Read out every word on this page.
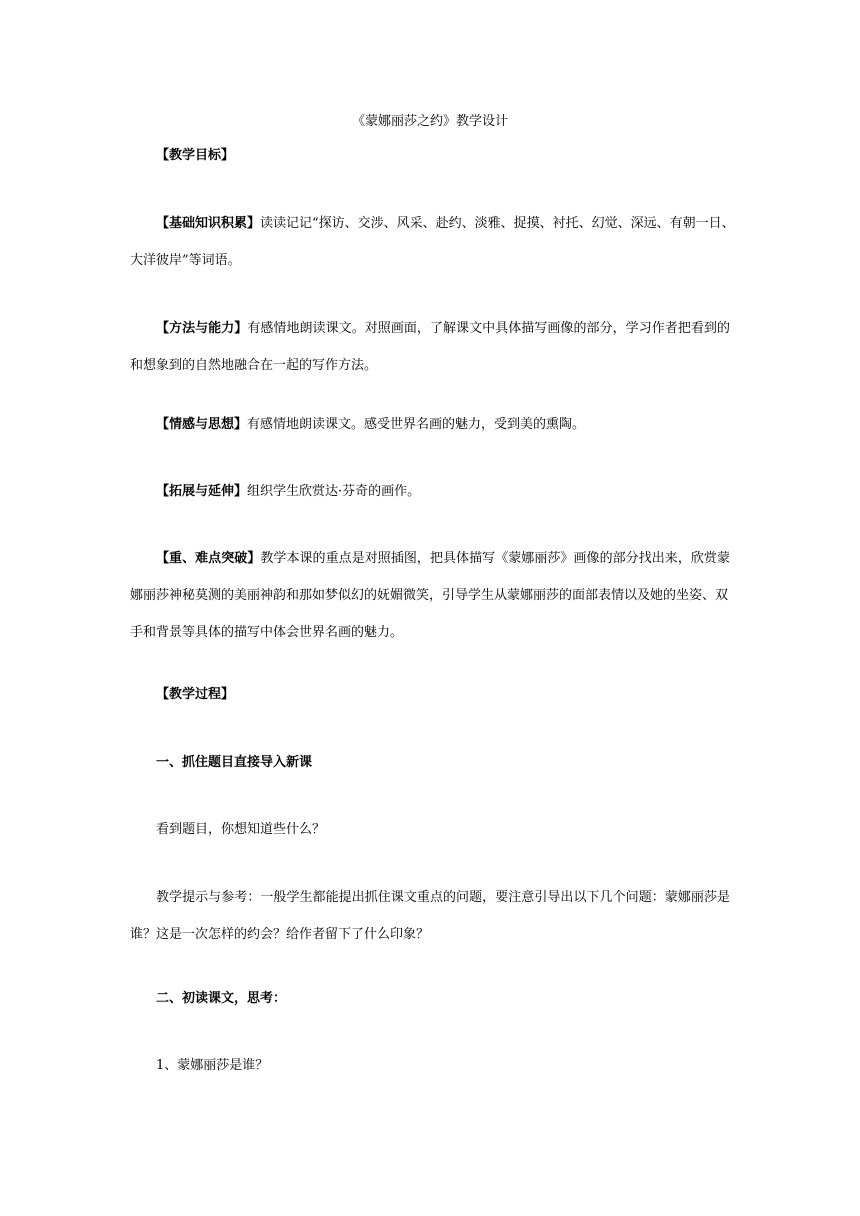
《蒙娜丽莎之约》教学设计
【教学目标】
【基础知识积累】读读记记“探访、交涉、风采、赴约、淡雅、捉摸、衬托、幻觉、深远、有朝一日、
大洋彼岸”等词语。
【方法与能力】有感情地朗读课文。对照画面，了解课文中具体描写画像的部分，学习作者把看到的
和想象到的自然地融合在一起的写作方法。
【情感与思想】有感情地朗读课文。感受世界名画的魅力，受到美的熏陶。
【拓展与延伸】组织学生欣赏达·芬奇的画作。
【重、难点突破】教学本课的重点是对照插图，把具体描写《蒙娜丽莎》画像的部分找出来，欣赏蒙
娜丽莎神秘莫测的美丽神韵和那如梦似幻的妩媚微笑，引导学生从蒙娜丽莎的面部表情以及她的坐姿、双
手和背景等具体的描写中体会世界名画的魅力。
【教学过程】
一、抓住题目直接导入新课
看到题目，你想知道些什么？
教学提示与参考：一般学生都能提出抓住课文重点的问题，要注意引导出以下几个问题：蒙娜丽莎是
谁？这是一次怎样的约会？给作者留下了什么印象？
二、初读课文，思考：
1、蒙娜丽莎是谁？
